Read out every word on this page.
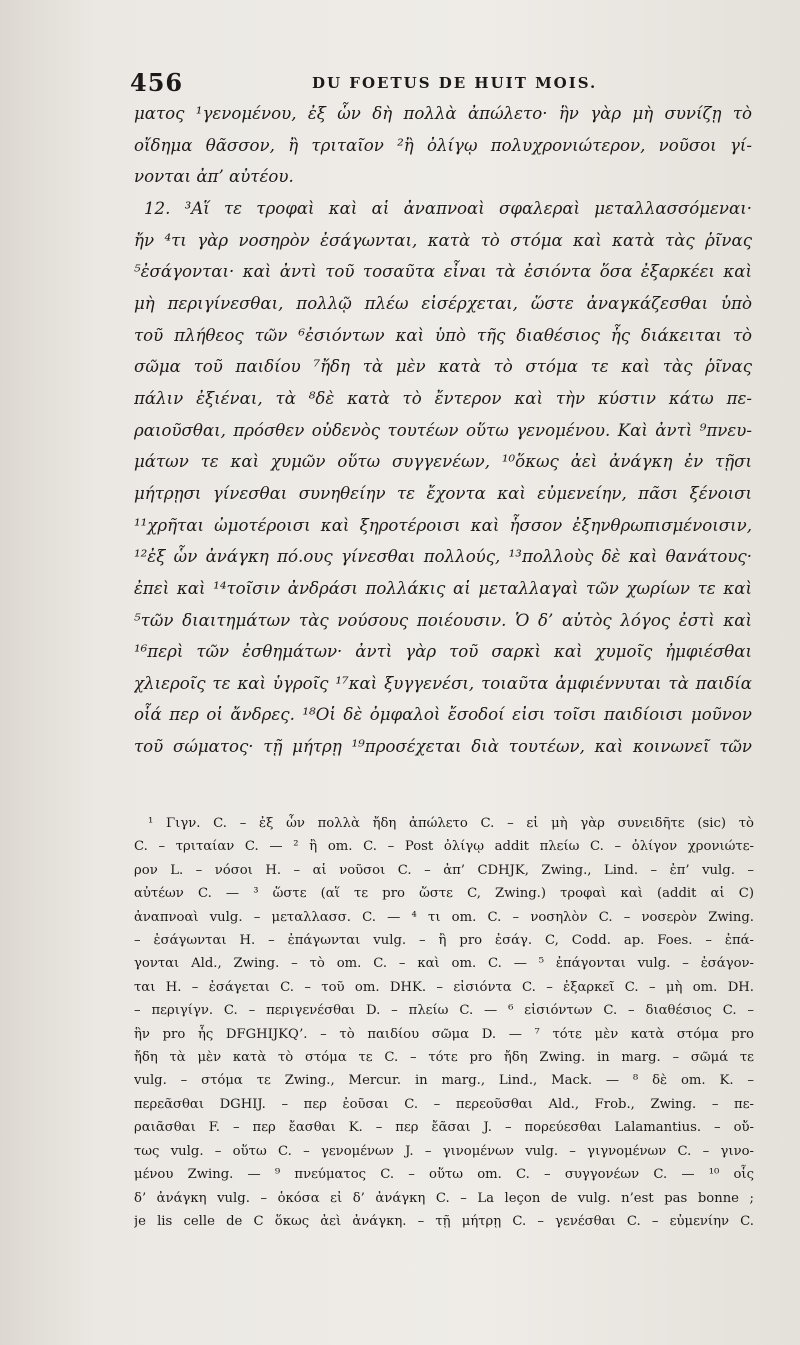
456	DU FOETUS DE HUIT MOIS.
ματος ¹γενομένου, ἐξ ὧν δὴ πολλὰ ἀπώλετο· ἣν γὰρ μὴ συνίζῃ τὸ
οἴδημα θᾶσσον, ἢ τριταῖον ²ἢ ὀλίγῳ πολυχρονιώτερον, νοῦσοι γί-
νονται ἀπ’ αὐτέου.
12. ³Αἵ τε τροφαὶ καὶ αἱ ἀναπνοαὶ σφαλεραὶ μεταλλασσόμεναι·
ἤν ⁴τι γὰρ νοσηρὸν ἐσάγωνται, κατὰ τὸ στόμα καὶ κατὰ τὰς ῥῖνας
⁵ἐσάγονται· καὶ ἀντὶ τοῦ τοσαῦτα εἶναι τὰ ἐσιόντα ὅσα ἐξαρκέει καὶ
μὴ περιγίνεσθαι, πολλῷ πλέω εἰσέρχεται, ὥστε ἀναγκάζεσθαι ὑπὸ
τοῦ πλήθεος τῶν ⁶ἐσιόντων καὶ ὑπὸ τῆς διαθέσιος ἧς διάκειται τὸ
σῶμα τοῦ παιδίου ⁷ἤδη τὰ μὲν κατὰ τὸ στόμα τε καὶ τὰς ῥῖνας
πάλιν ἐξιέναι, τὰ ⁸δὲ κατὰ τὸ ἔντερον καὶ τὴν κύστιν κάτω πε-
ραιοῦσθαι, πρόσθεν οὐδενὸς τουτέων οὕτω γενομένου. Καὶ ἀντὶ ⁹πνευ-
μάτων τε καὶ χυμῶν οὕτω συγγενέων, ¹⁰ὅκως ἀεὶ ἀνάγκη ἐν τῇσι
μήτρῃσι γίνεσθαι συνηθείην τε ἔχοντα καὶ εὐμενείην, πᾶσι ξένοισι
¹¹χρῆται ὠμοτέροισι καὶ ξηροτέροισι καὶ ἧσσον ἐξηνθρωπισμένοισιν,
¹²ἐξ ὧν ἀνάγκη πό.ους γίνεσθαι πολλούς, ¹³πολλοὺς δὲ καὶ θανάτους·
ἐπεὶ καὶ ¹⁴τοῖσιν ἀνδράσι πολλάκις αἱ μεταλλαγαὶ τῶν χωρίων τε καὶ
⁵τῶν διαιτημάτων τὰς νούσους ποιέουσιν. Ὁ δ’ αὐτὸς λόγος ἐστὶ καὶ
¹⁶περὶ τῶν ἐσθημάτων· ἀντὶ γὰρ τοῦ σαρκὶ καὶ χυμοῖς ἠμφιέσθαι
χλιεροῖς τε καὶ ὑγροῖς ¹⁷καὶ ξυγγενέσι, τοιαῦτα ἀμφιέννυται τὰ παιδία
οἷά περ οἱ ἄνδρες. ¹⁸Οἱ δὲ ὀμφαλοὶ ἔσοδοί εἰσι τοῖσι παιδίοισι μοῦνον
τοῦ σώματος· τῇ μήτρῃ ¹⁹προσέχεται διὰ τουτέων, καὶ κοινωνεῖ τῶν
¹ Γιγν. C. – ἐξ ὧν πολλὰ ἤδη ἀπώλετο C. – εἰ μὴ γὰρ συνειδῆτε (sic) τὸ
C. – τριταίαν C. — ² ἢ om. C. – Post ὀλίγῳ addit πλείω C. – ὀλίγον χρονιώτε-
ρον L. – νόσοι H. – αἱ νοῦσοι C. – ἀπ’ CDHJK, Zwing., Lind. – ἐπ’ vulg. –
αὐτέων C. — ³ ὥστε (αἵ τε pro ὥστε C, Zwing.) τροφαὶ καὶ (addit αἱ C)
ἀναπνοαὶ vulg. – μεταλλασσ. C. — ⁴ τι om. C. – νοσηλὸν C. – νοσερὸν Zwing.
– ἐσάγωνται H. – ἐπάγωνται vulg. – ἢ pro ἐσάγ. C, Codd. ap. Foes. – ἐπά-
γονται Ald., Zwing. – τὸ om. C. – καὶ om. C. — ⁵ ἐπάγονται vulg. – ἐσάγον-
ται H. – ἐσάγεται C. – τοῦ om. DHK. – εἰσιόντα C. – ἐξαρκεῖ C. – μὴ om. DH.
– περιγίγν. C. – περιγενέσθαι D. – πλείω C. — ⁶ εἰσιόντων C. – διαθέσιος C. –
ἣν pro ἧς DFGHIJKQ’. – τὸ παιδίου σῶμα D. — ⁷ τότε μὲν κατὰ στόμα pro
ἤδη τὰ μὲν κατὰ τὸ στόμα τε C. – τότε pro ἤδη Zwing. in marg. – σῶμά τε
vulg. – στόμα τε Zwing., Mercur. in marg., Lind., Mack. — ⁸ δὲ om. K. –
περεᾶσθαι DGHIJ. – περ ἐοῦσαι C. – περεοῦσθαι Ald., Frob., Zwing. – πε-
ραιᾶσθαι F. – περ ἔασθαι K. – περ ἔᾶσαι J. – πορεύεσθαι Lalamantius. – οὔ-
τως vulg. – οὕτω C. – γενομένων J. – γινομένων vulg. – γιγνομένων C. – γινο-
μένου Zwing. — ⁹ πνεύματος C. – οὕτω om. C. – συγγονέων C. — ¹⁰ οἷς
δ’ ἀνάγκη vulg. – ὁκόσα εἰ δ’ ἀνάγκη C. – La leçon de vulg. n’est pas bonne ;
je lis celle de C ὅκως ἀεὶ ἀνάγκη. – τῇ μήτρῃ C. – γενέσθαι C. – εὐμενίην C.
